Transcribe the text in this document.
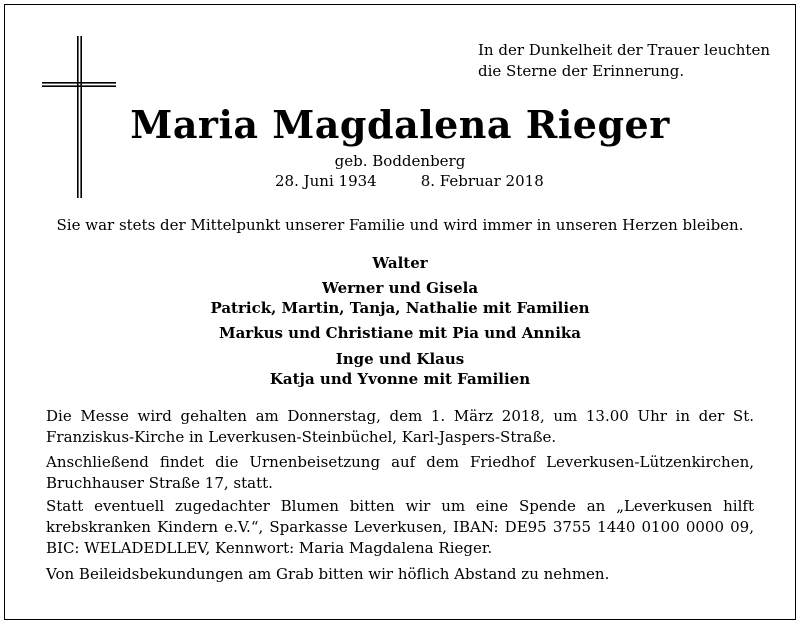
In der Dunkelheit der Trauer leuchten
die Sterne der Erinnerung.
Maria Magdalena Rieger
geb. Boddenberg
28. Juni 1934	8. Februar 2018
Sie war stets der Mittelpunkt unserer Familie und wird immer in unseren Herzen bleiben.
Walter
Werner und Gisela
Patrick, Martin, Tanja, Nathalie mit Familien
Markus und Christiane mit Pia und Annika
Inge und Klaus
Katja und Yvonne mit Familien
Die Messe wird gehalten am Donnerstag, dem 1. März 2018, um 13.00 Uhr in der St. Franziskus-Kirche in Leverkusen-Steinbüchel, Karl-Jaspers-Straße.
Anschließend findet die Urnenbeisetzung auf dem Friedhof Leverkusen-Lützenkirchen, Bruchhauser Straße 17, statt.
Statt eventuell zugedachter Blumen bitten wir um eine Spende an „Leverkusen hilft krebskranken Kindern e.V.“, Sparkasse Leverkusen, IBAN: DE95 3755 1440 0100 0000 09, BIC: WELADEDLLEV, Kennwort: Maria Magdalena Rieger.
Von Beileidsbekundungen am Grab bitten wir höflich Abstand zu nehmen.
